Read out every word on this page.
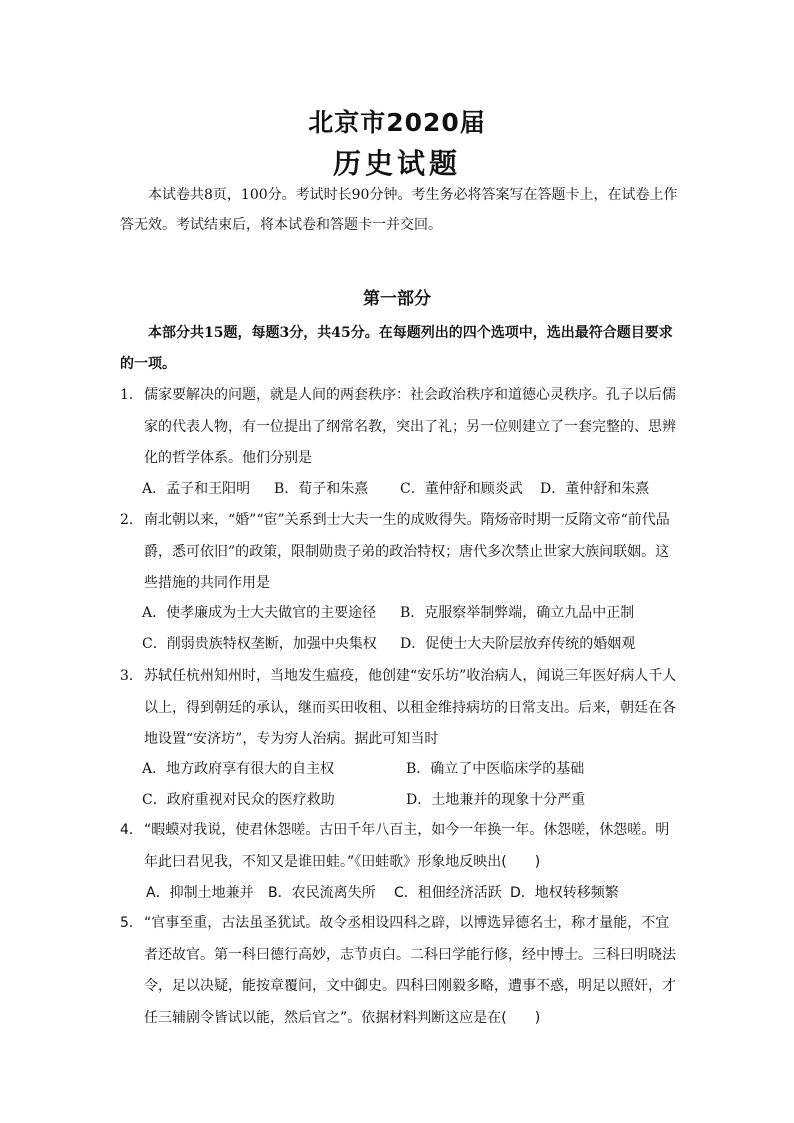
北京市2020届
历史试题
本试卷共8页，100分。考试时长90分钟。考生务必将答案写在答题卡上，在试卷上作答无效。考试结束后，将本试卷和答题卡一并交回。
第一部分
本部分共15题，每题3分，共45分。在每题列出的四个选项中，选出最符合题目要求的一项。
1． 儒家要解决的问题，就是人间的两套秩序：社会政治秩序和道德心灵秩序。孔子以后儒家的代表人物，有一位提出了纲常名教，突出了礼；另一位则建立了一套完整的、思辨化的哲学体系。他们分别是
A．孟子和王阳明 B．荀子和朱熹 C．董仲舒和顾炎武 D．董仲舒和朱熹
2． 南北朝以来，“婚”“宦”关系到士大夫一生的成败得失。隋炀帝时期一反隋文帝“前代品爵，悉可依旧”的政策，限制勋贵子弟的政治特权；唐代多次禁止世家大族间联姻。这些措施的共同作用是
A．使孝廉成为士大夫做官的主要途径 B．克服察举制弊端，确立九品中正制
C．削弱贵族特权垄断，加强中央集权 D．促使士大夫阶层放弃传统的婚姻观
3． 苏轼任杭州知州时，当地发生瘟疫，他创建“安乐坊”收治病人，闻说三年医好病人千人以上，得到朝廷的承认，继而买田收租、以租金维持病坊的日常支出。后来，朝廷在各地设置“安济坊”，专为穷人治病。据此可知当时
A．地方政府享有很大的自主权	B．确立了中医临床学的基础
C．政府重视对民众的医疗救助	D．土地兼并的现象十分严重
4． “暇蟆对我说，使君休怨嗟。古田千年八百主，如今一年换一年。休怨嗟，休怨嗟。明年此曰君见我，不知又是谁田蛙。”《田蛙歌》形象地反映出(　　)
A．抑制土地兼并 B．农民流离失所 C．租佃经济活跃 D．地权转移频繁
5． “官事至重，古法虽圣犹试。故令丞相设四科之辟，以博选异德名士，称才量能，不宜者还故官。第一科曰德行高妙，志节贞白。二科曰学能行修，经中博士。三科曰明晓法令，足以决疑，能按章覆问，文中御史。四科曰刚毅多略，遭事不惑，明足以照奸，才任三辅剧令皆试以能，然后官之”。依据材料判断这应是在(　　)
